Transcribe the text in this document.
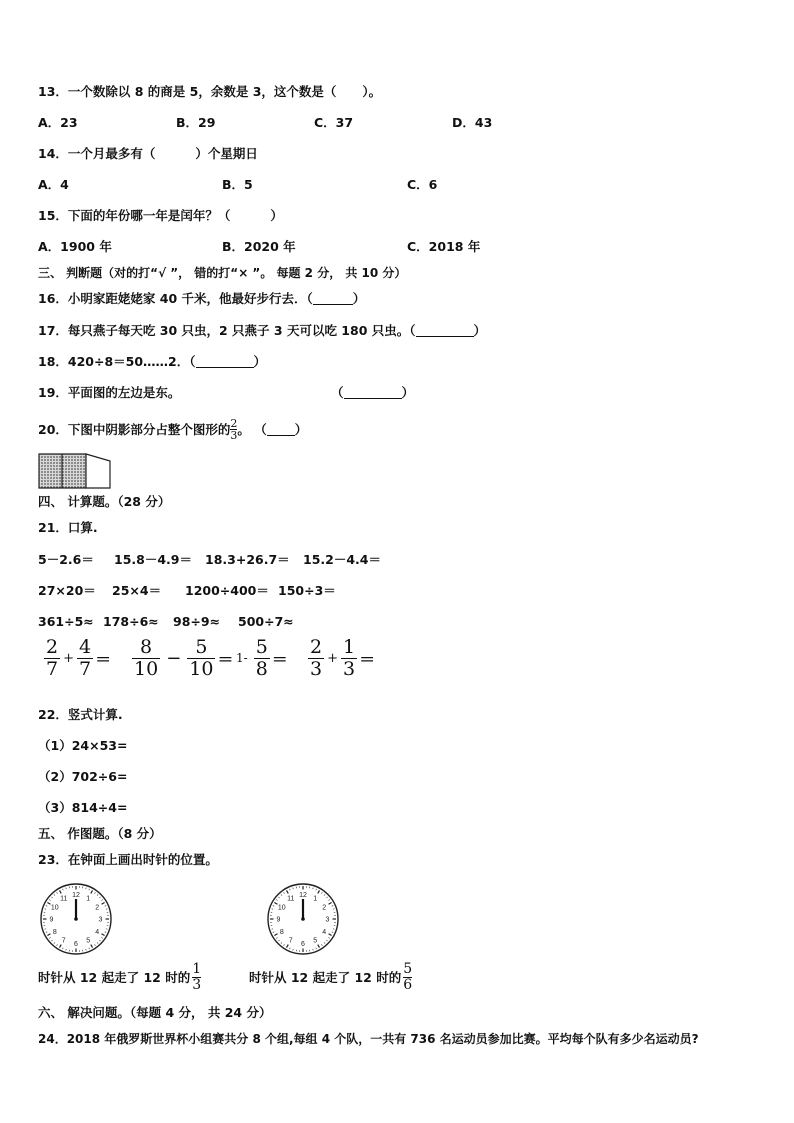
13．一个数除以 8 的商是 5，余数是 3，这个数是（ ）。
A．23	B．29	C．37	D．43
14．一个月最多有（	）个星期日
A．4	B．5	C．6
15．下面的年份哪一年是闰年？（	）
A．1900 年	B．2020 年	C．2018 年
三、 判断题（对的打“√ ”， 错的打“× ”。 每题 2 分， 共 10 分）
16．小明家距姥姥家 40 千米，他最好步行去．（	）
17．每只燕子每天吃 30 只虫，2 只燕子 3 天可以吃 180 只虫。（	）
18．420÷8＝50……2．（	）
19．平面图的左边是东。	（	）
20．下图中阴影部分占整个图形的 $\frac{2}{3}$ 。 （ ）
四、 计算题。（28 分）
21．口算.
5－2.6＝ 15.8－4.9＝ 18.3+26.7＝ 15.2－4.4＝
27×20＝ 25×4＝ 1200÷400＝ 150÷3＝
361÷5≈ 178÷6≈ 98÷9≈ 500÷7≈
$\frac{2}{7} + \frac{4}{7} = \frac{8}{10} - \frac{5}{10} = 1- \frac{5}{8} = \frac{2}{3} + \frac{1}{3}$ ＝
22．竖式计算.
（1）24×53=
（2）702÷6=
（3）814÷4=
五、 作图题。（8 分）
23．在钟面上画出时针的位置。
12 1
2
3
4
5
6
7
8
9
10
11	12 1
2
3
4
5
6
7
8
9
10
11
时针从 12 起走了 12 时的 $\frac{1}{3}$	时针从 12 起走了 12 时的 $\frac{5}{6}$
六、 解决问题。（每题 4 分， 共 24 分）
24．2018 年俄罗斯世界杯小组赛共分 8 个组,每组 4 个队，一共有 736 名运动员参加比赛。平均每个队有多少名运动员?
